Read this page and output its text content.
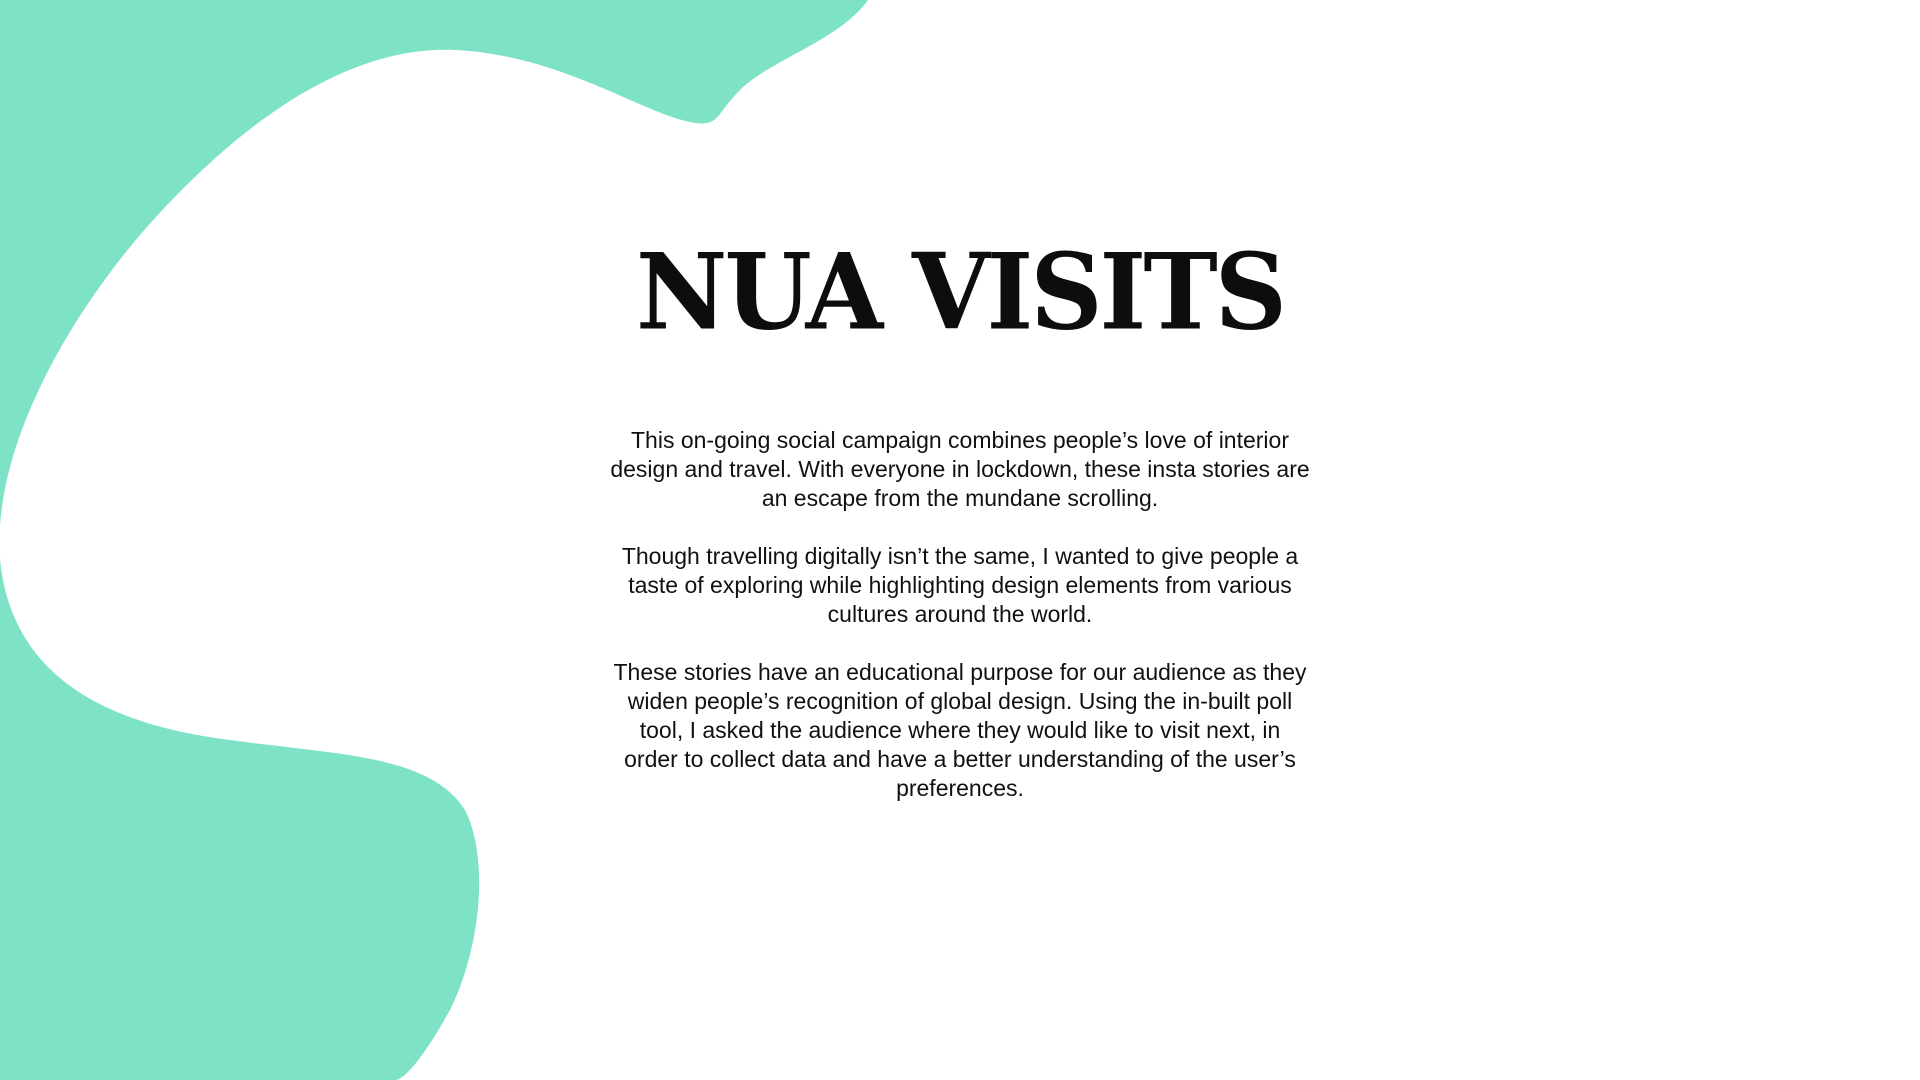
NUA VISITS

This on-going social campaign combines people’s love of interior design and travel. With everyone in lockdown, these insta stories are an escape from the mundane scrolling.

Though travelling digitally isn’t the same, I wanted to give people a taste of exploring while highlighting design elements from various cultures around the world.

These stories have an educational purpose for our audience as they widen people’s recognition of global design. Using the in-built poll tool, I asked the audience where they would like to visit next, in order to collect data and have a better understanding of the user’s preferences.
